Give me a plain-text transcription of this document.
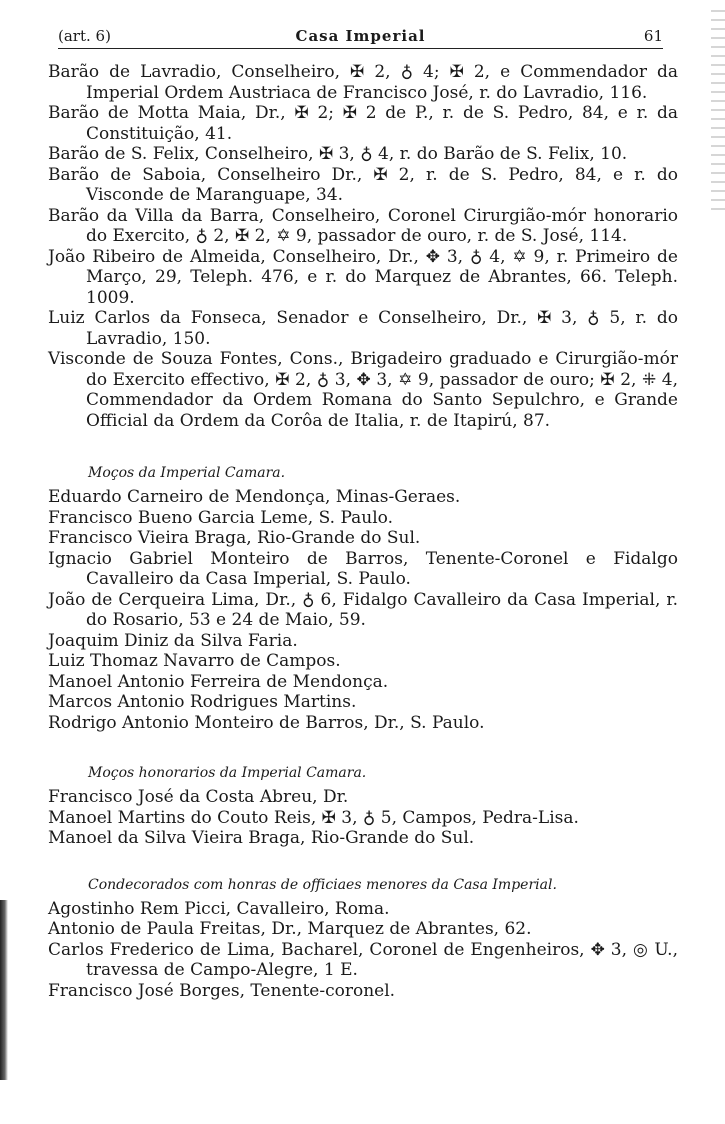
(art. 6)	Casa Imperial	61

Barão de Lavradio, Conselheiro, ✠ 2, ♁ 4; ✠ 2, e Commendador da Imperial Ordem Austriaca de Francisco José, r. do Lavradio, 116.

Barão de Motta Maia, Dr., ✠ 2; ✠ 2 de P., r. de S. Pedro, 84, e r. da Constituição, 41.

Barão de S. Felix, Conselheiro, ✠ 3, ♁ 4, r. do Barão de S. Felix, 10.

Barão de Saboia, Conselheiro Dr., ✠ 2, r. de S. Pedro, 84, e r. do Visconde de Maranguape, 34.

Barão da Villa da Barra, Conselheiro, Coronel Cirurgião-mór honorario do Exercito, ♁ 2, ✠ 2, ✡ 9, passador de ouro, r. de S. José, 114.

João Ribeiro de Almeida, Conselheiro, Dr., ✥ 3, ♁ 4, ✡ 9, r. Primeiro de Março, 29, Teleph. 476, e r. do Marquez de Abrantes, 66. Teleph. 1009.

Luiz Carlos da Fonseca, Senador e Conselheiro, Dr., ✠ 3, ♁ 5, r. do Lavradio, 150.

Visconde de Souza Fontes, Cons., Brigadeiro graduado e Cirurgião-mór do Exercito effectivo, ✠ 2, ♁ 3, ✥ 3, ✡ 9, passador de ouro; ✠ 2, ⁜ 4, Commendador da Ordem Romana do Santo Sepulchro, e Grande Official da Ordem da Corôa de Italia, r. de Itapirú, 87.

Moços da Imperial Camara.

Eduardo Carneiro de Mendonça, Minas-Geraes.

Francisco Bueno Garcia Leme, S. Paulo.

Francisco Vieira Braga, Rio-Grande do Sul.

Ignacio Gabriel Monteiro de Barros, Tenente-Coronel e Fidalgo Cavalleiro da Casa Imperial, S. Paulo.

João de Cerqueira Lima, Dr., ♁ 6, Fidalgo Cavalleiro da Casa Imperial, r. do Rosario, 53 e 24 de Maio, 59.

Joaquim Diniz da Silva Faria.

Luiz Thomaz Navarro de Campos.

Manoel Antonio Ferreira de Mendonça.

Marcos Antonio Rodrigues Martins.

Rodrigo Antonio Monteiro de Barros, Dr., S. Paulo.

Moços honorarios da Imperial Camara.

Francisco José da Costa Abreu, Dr.

Manoel Martins do Couto Reis, ✠ 3, ♁ 5, Campos, Pedra-Lisa.

Manoel da Silva Vieira Braga, Rio-Grande do Sul.

Condecorados com honras de officiaes menores da Casa Imperial.

Agostinho Rem Picci, Cavalleiro, Roma.

Antonio de Paula Freitas, Dr., Marquez de Abrantes, 62.

Carlos Frederico de Lima, Bacharel, Coronel de Engenheiros, ✥ 3, ◎ U., travessa de Campo-Alegre, 1 E.

Francisco José Borges, Tenente-coronel.
